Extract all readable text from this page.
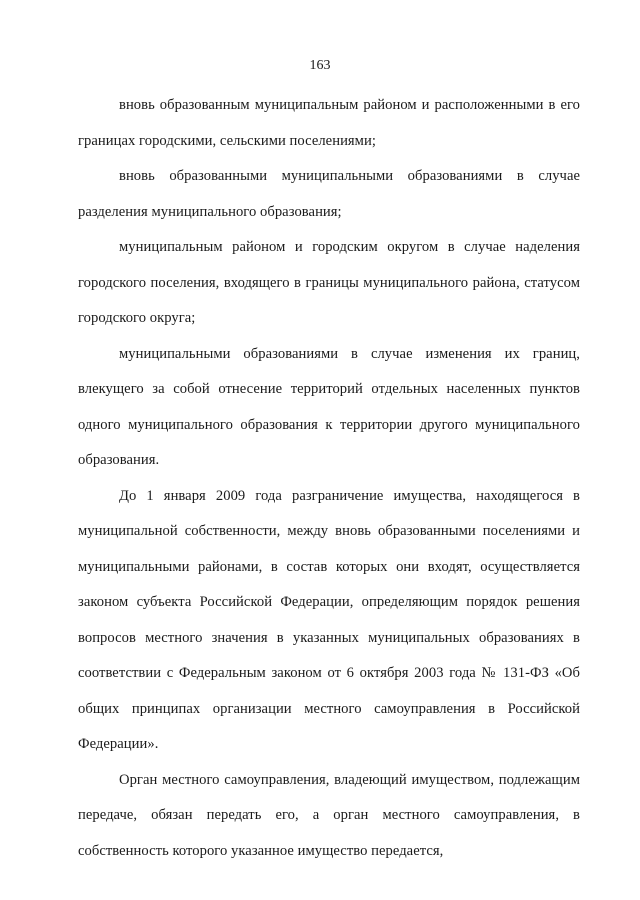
163

вновь образованным муниципальным районом и расположенными в его границах городскими, сельскими поселениями;

вновь образованными муниципальными образованиями в случае разделения муниципального образования;

муниципальным районом и городским округом в случае наделения городского поселения, входящего в границы муниципального района, статусом городского округа;

муниципальными образованиями в случае изменения их границ, влекущего за собой отнесение территорий отдельных населенных пунктов одного муниципального образования к территории другого муниципального образования.

До 1 января 2009 года разграничение имущества, находящегося в муниципальной собственности, между вновь образованными поселениями и муниципальными районами, в состав которых они входят, осуществляется законом субъекта Российской Федерации, определяющим порядок решения вопросов местного значения в указанных муниципальных образованиях в соответствии с Федеральным законом от 6 октября 2003 года № 131-ФЗ «Об общих принципах организации местного самоуправления в Российской Федерации».

Орган местного самоуправления, владеющий имуществом, подлежащим передаче, обязан передать его, а орган местного самоуправления, в собственность которого указанное имущество передается,
